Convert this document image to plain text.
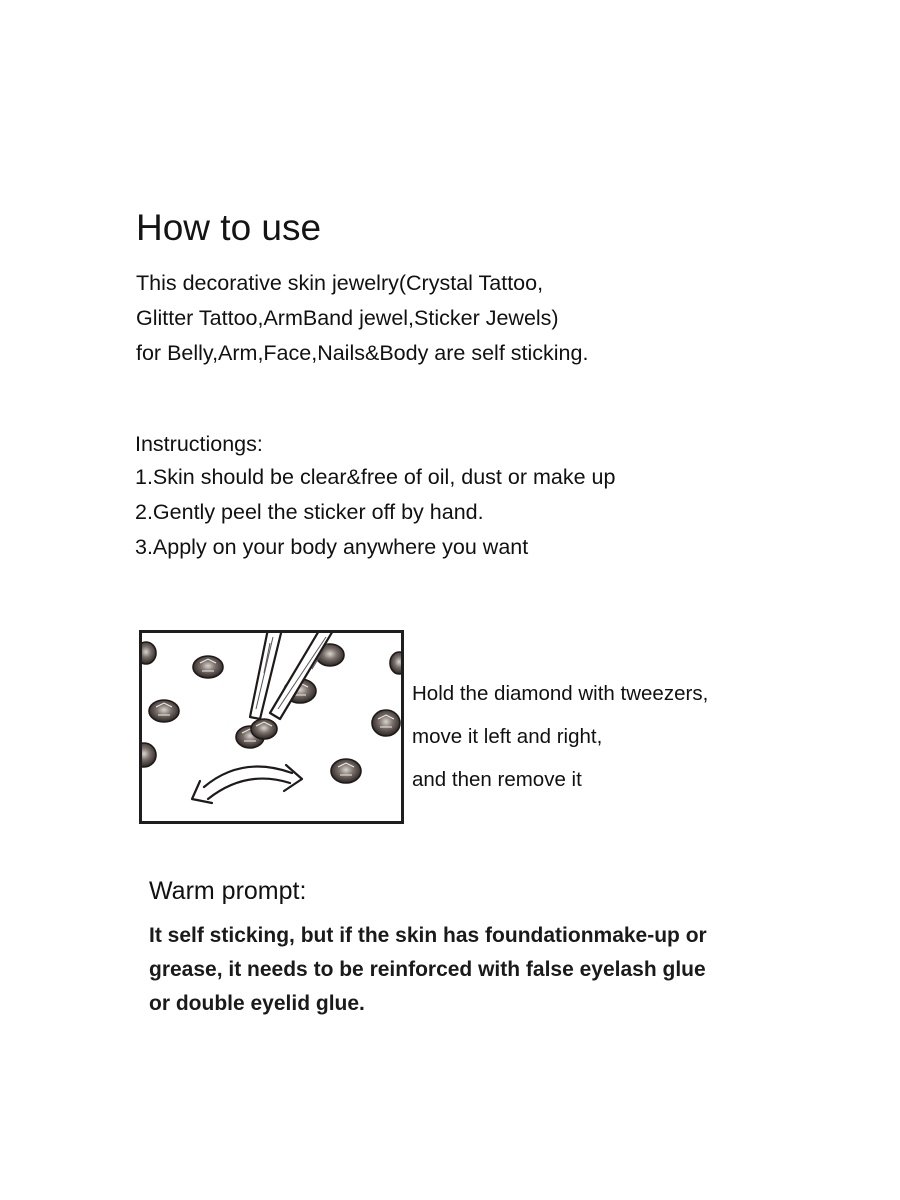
How to use

This decorative skin jewelry(Crystal Tattoo,
Glitter Tattoo,ArmBand jewel,Sticker Jewels)
for Belly,Arm,Face,Nails&Body are self sticking.

Instructiongs:

1.Skin should be clear&free of oil, dust or make up
2.Gently peel the sticker off by hand.
3.Apply on your body anywhere you want
Hold the diamond with tweezers,
move it left and right,
and then remove it
Warm prompt:

It self sticking, but if the skin has foundationmake-up or
grease, it needs to be reinforced with false eyelash glue
or double eyelid glue.
